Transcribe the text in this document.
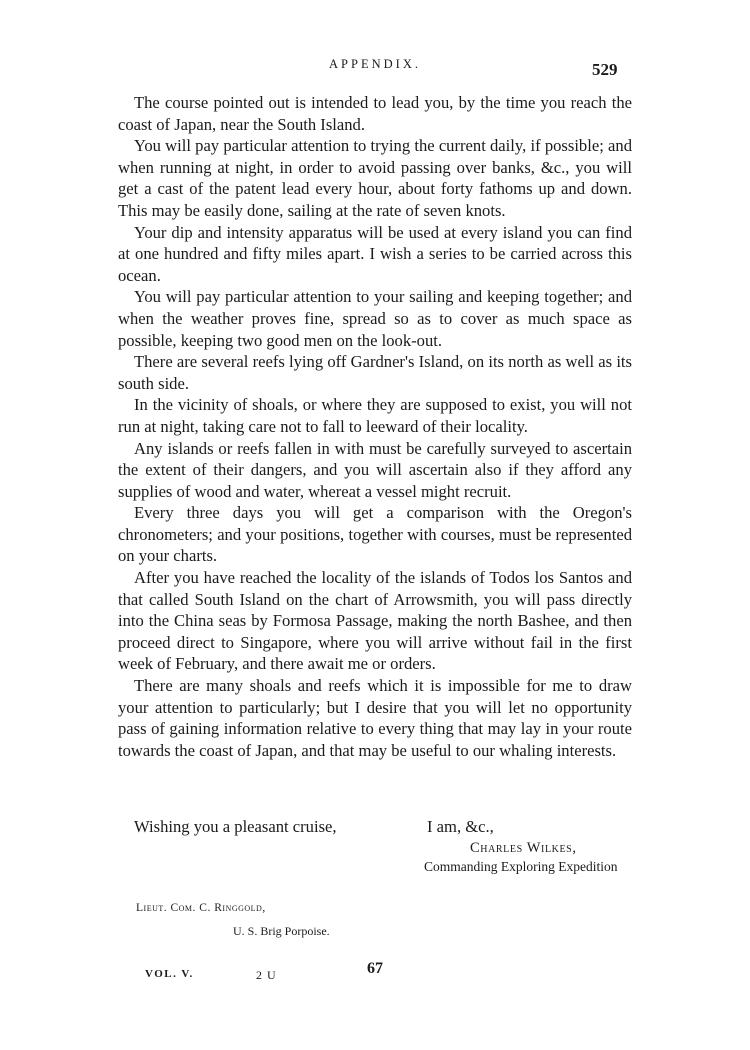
APPENDIX.	529

The course pointed out is intended to lead you, by the time you reach the coast of Japan, near the South Island.

You will pay particular attention to trying the current daily, if possible; and when running at night, in order to avoid passing over banks, &c., you will get a cast of the patent lead every hour, about forty fathoms up and down. This may be easily done, sailing at the rate of seven knots.

Your dip and intensity apparatus will be used at every island you can find at one hundred and fifty miles apart. I wish a series to be carried across this ocean.

You will pay particular attention to your sailing and keeping together; and when the weather proves fine, spread so as to cover as much space as possible, keeping two good men on the look-out.

There are several reefs lying off Gardner's Island, on its north as well as its south side.

In the vicinity of shoals, or where they are supposed to exist, you will not run at night, taking care not to fall to leeward of their locality.

Any islands or reefs fallen in with must be carefully surveyed to ascertain the extent of their dangers, and you will ascertain also if they afford any supplies of wood and water, whereat a vessel might recruit.

Every three days you will get a comparison with the Oregon's chronometers; and your positions, together with courses, must be represented on your charts.

After you have reached the locality of the islands of Todos los Santos and that called South Island on the chart of Arrowsmith, you will pass directly into the China seas by Formosa Passage, making the north Bashee, and then proceed direct to Singapore, where you will arrive without fail in the first week of February, and there await me or orders.

There are many shoals and reefs which it is impossible for me to draw your attention to particularly; but I desire that you will let no opportunity pass of gaining information relative to every thing that may lay in your route towards the coast of Japan, and that may be useful to our whaling interests.

Wishing you a pleasant cruise,	I am, &c.,
Charles Wilkes,
Commanding Exploring Expedition
Lieut. Com. C. Ringgold,
U. S. Brig Porpoise.
VOL. V.	2 U	67
